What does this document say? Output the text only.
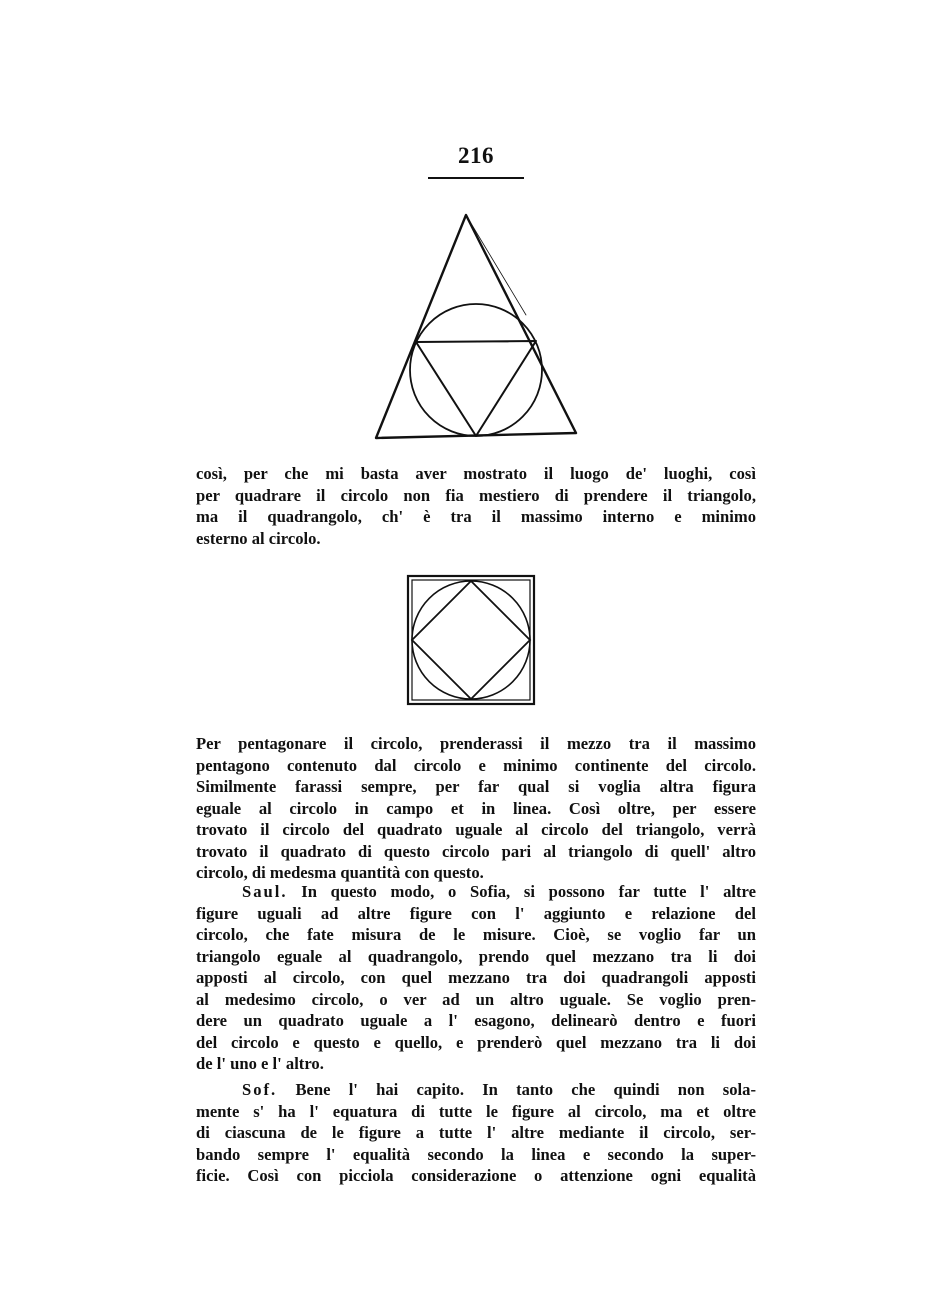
216
così, per che mi basta aver mostrato il luogo de' luoghi, così
per quadrare il circolo non fia mestiero di prendere il triangolo,
ma il quadrangolo, ch' è tra il massimo interno e minimo
esterno al circolo.
Per pentagonare il circolo, prenderassi il mezzo tra il massimo
pentagono contenuto dal circolo e minimo continente del circolo.
Similmente farassi sempre, per far qual si voglia altra figura
eguale al circolo in campo et in linea. Così oltre, per essere
trovato il circolo del quadrato uguale al circolo del triangolo, verrà
trovato il quadrato di questo circolo pari al triangolo di quell' altro
circolo, di medesma quantità con questo.
Saul. In questo modo, o Sofia, si possono far tutte l' altre
figure uguali ad altre figure con l' aggiunto e relazione del
circolo, che fate misura de le misure. Cioè, se voglio far un
triangolo eguale al quadrangolo, prendo quel mezzano tra li doi
apposti al circolo, con quel mezzano tra doi quadrangoli apposti
al medesimo circolo, o ver ad un altro uguale. Se voglio pren-
dere un quadrato uguale a l' esagono, delinearò dentro e fuori
del circolo e questo e quello, e prenderò quel mezzano tra li doi
de l' uno e l' altro.
Sof. Bene l' hai capito. In tanto che quindi non sola-
mente s' ha l' equatura di tutte le figure al circolo, ma et oltre
di ciascuna de le figure a tutte l' altre mediante il circolo, ser-
bando sempre l' equalità secondo la linea e secondo la super-
ficie. Così con picciola considerazione o attenzione ogni equalità
